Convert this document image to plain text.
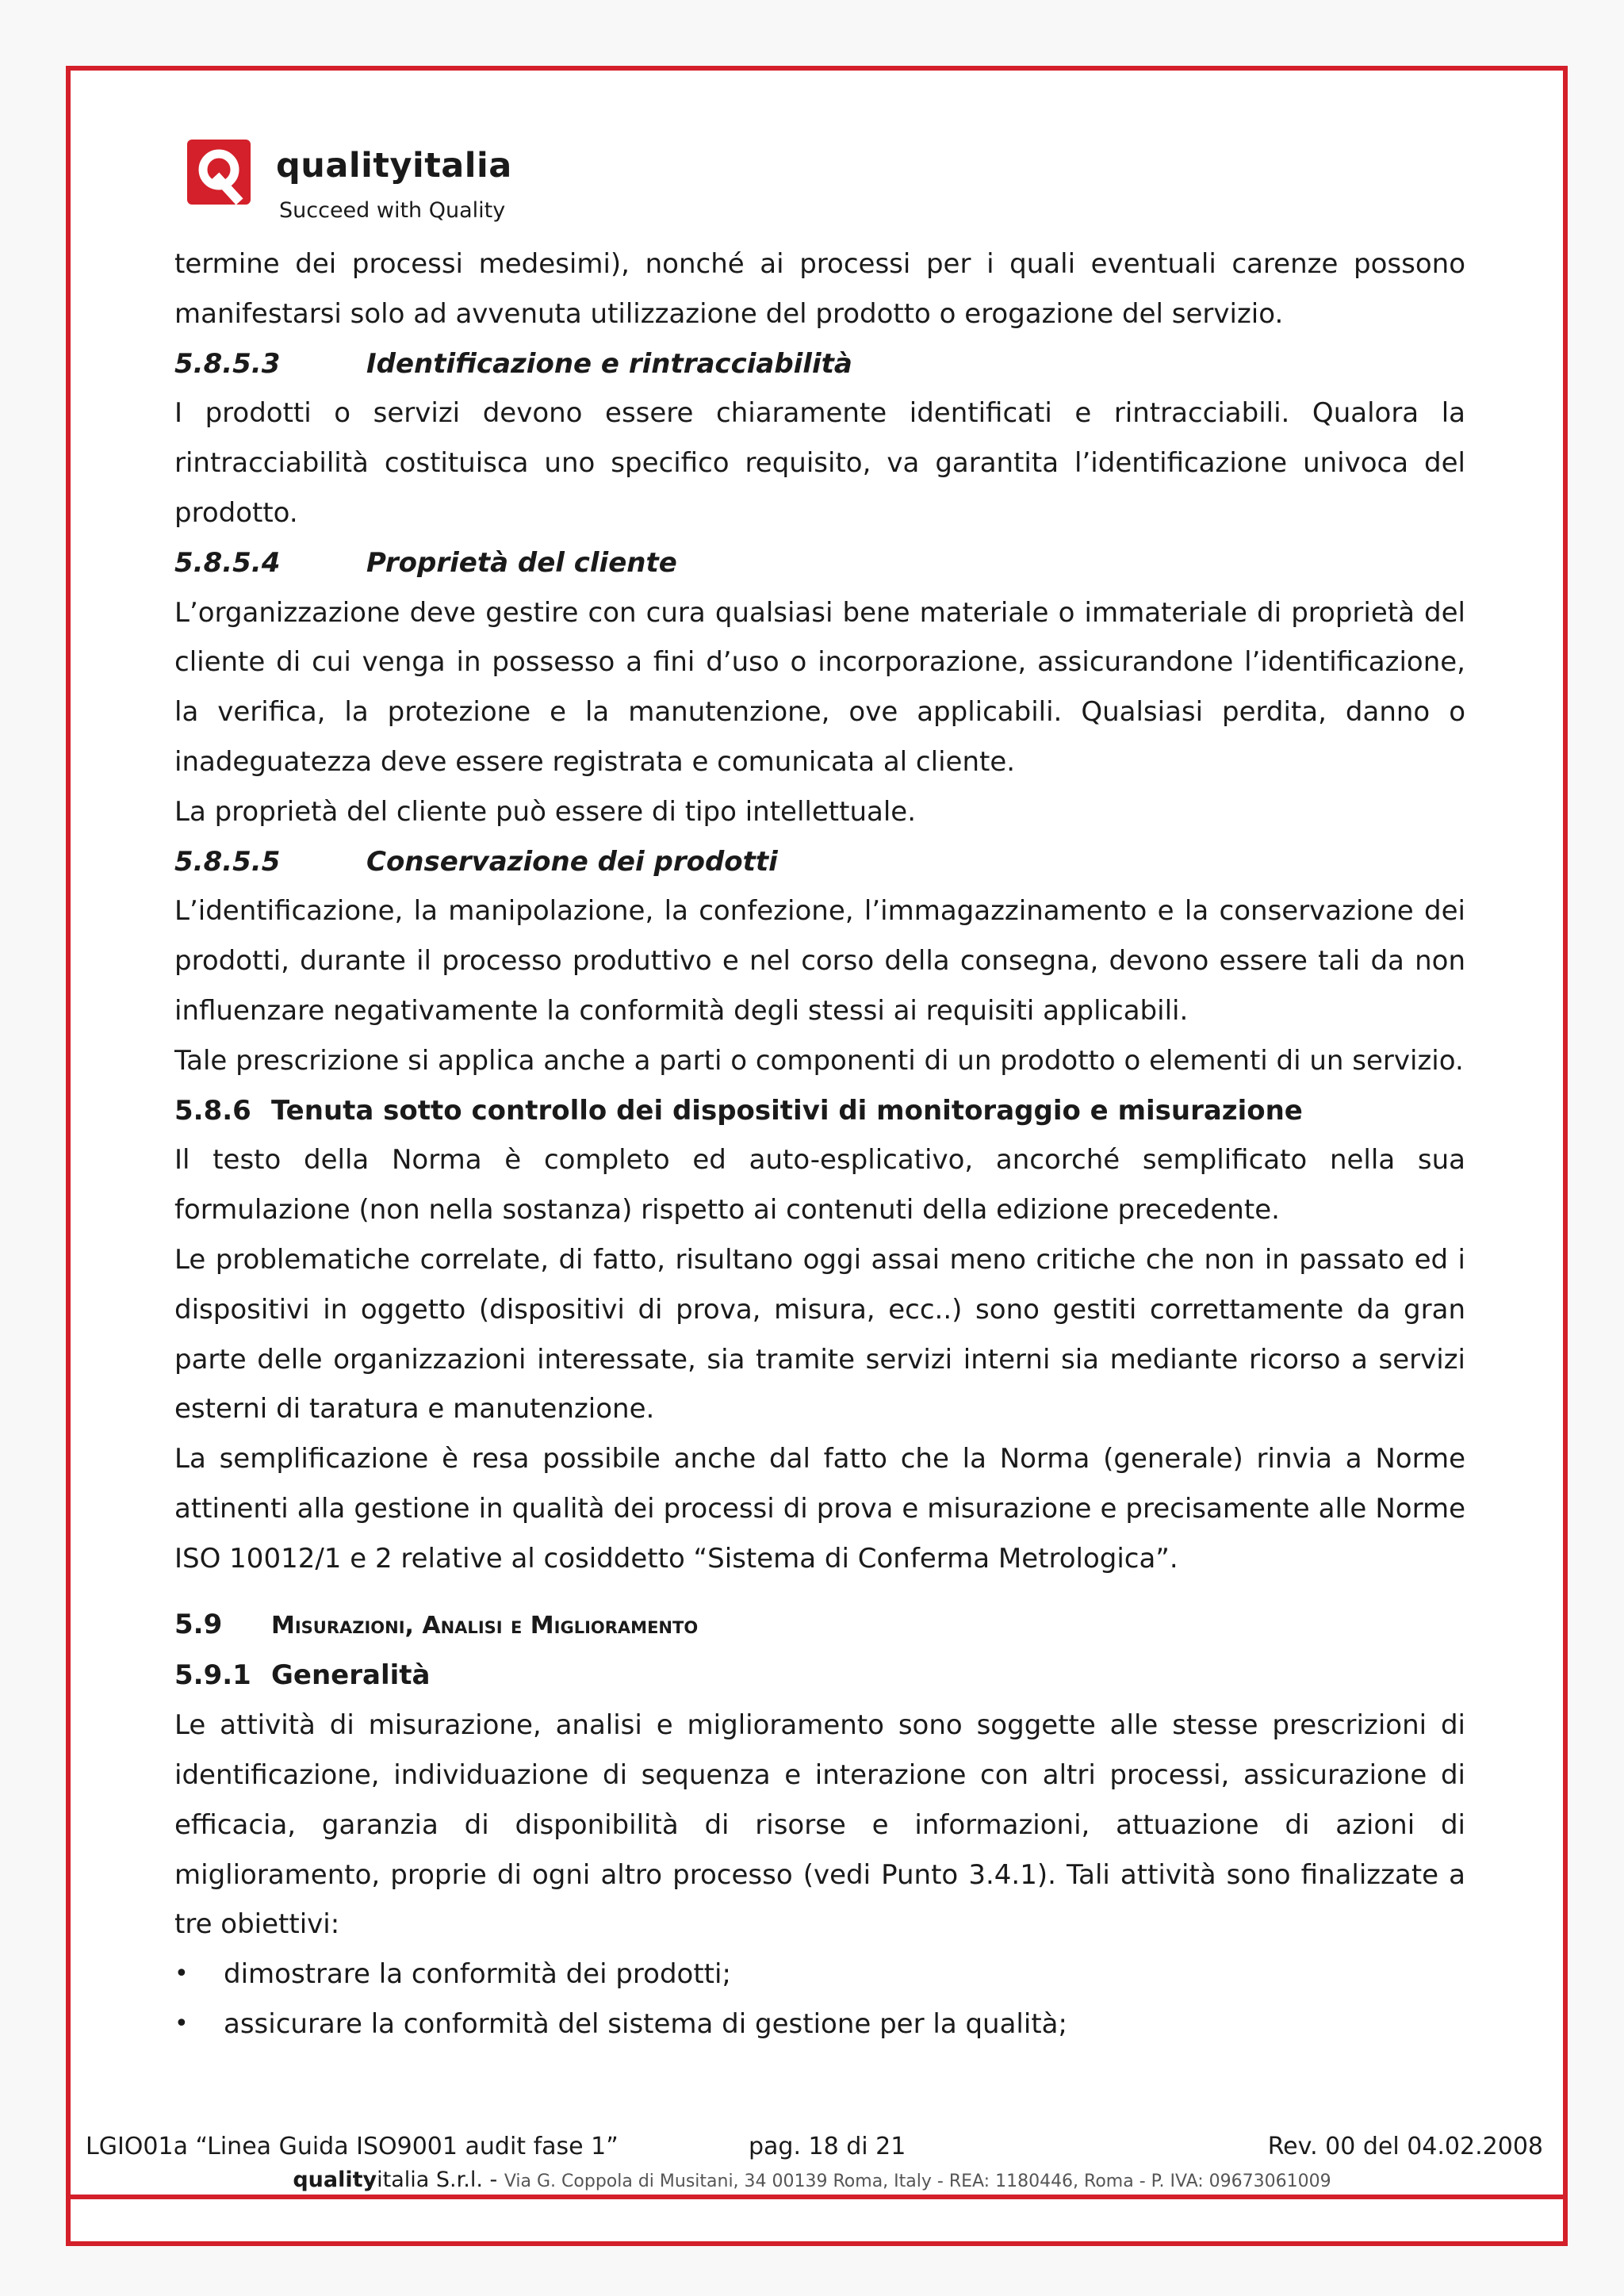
qualityitalia
Succeed with Quality

termine dei processi medesimi), nonché ai processi per i quali eventuali carenze possono manifestarsi solo ad avvenuta utilizzazione del prodotto o erogazione del servizio.

5.8.5.3	Identificazione e rintracciabilità

I prodotti o servizi devono essere chiaramente identificati e rintracciabili. Qualora la rintracciabilità costituisca uno specifico requisito, va garantita l’identificazione univoca del prodotto.

5.8.5.4	Proprietà del cliente

L’organizzazione deve gestire con cura qualsiasi bene materiale o immateriale di proprietà del cliente di cui venga in possesso a fini d’uso o incorporazione, assicurandone l’identificazione, la verifica, la protezione e la manutenzione, ove applicabili. Qualsiasi perdita, danno o inadeguatezza deve essere registrata e comunicata al cliente.

La proprietà del cliente può essere di tipo intellettuale.

5.8.5.5	Conservazione dei prodotti

L’identificazione, la manipolazione, la confezione, l’immagazzinamento e la conservazione dei prodotti, durante il processo produttivo e nel corso della consegna, devono essere tali da non influenzare negativamente la conformità degli stessi ai requisiti applicabili.

Tale prescrizione si applica anche a parti o componenti di un prodotto o elementi di un servizio.

5.8.6 Tenuta sotto controllo dei dispositivi di monitoraggio e misurazione

Il testo della Norma è completo ed auto-esplicativo, ancorché semplificato nella sua formulazione (non nella sostanza) rispetto ai contenuti della edizione precedente.

Le problematiche correlate, di fatto, risultano oggi assai meno critiche che non in passato ed i dispositivi in oggetto (dispositivi di prova, misura, ecc..) sono gestiti correttamente da gran parte delle organizzazioni interessate, sia tramite servizi interni sia mediante ricorso a servizi esterni di taratura e manutenzione.

La semplificazione è resa possibile anche dal fatto che la Norma (generale) rinvia a Norme attinenti alla gestione in qualità dei processi di prova e misurazione e precisamente alle Norme ISO 10012/1 e 2 relative al cosiddetto “Sistema di Conferma Metrologica”.

5.9 Misurazioni, Analisi e Miglioramento
5.9.1 Generalità

Le attività di misurazione, analisi e miglioramento sono soggette alle stesse prescrizioni di identificazione, individuazione di sequenza e interazione con altri processi, assicurazione di efficacia, garanzia di disponibilità di risorse e informazioni, attuazione di azioni di miglioramento, proprie di ogni altro processo (vedi Punto 3.4.1). Tali attività sono finalizzate a tre obiettivi:

•	dimostrare la conformità dei prodotti;
•	assicurare la conformità del sistema di gestione per la qualità;
LGIO01a “Linea Guida ISO9001 audit fase 1”	pag. 18 di 21	Rev. 00 del 04.02.2008
qualityitalia S.r.l. - Via G. Coppola di Musitani, 34 00139 Roma, Italy - REA: 1180446, Roma - P. IVA: 09673061009
